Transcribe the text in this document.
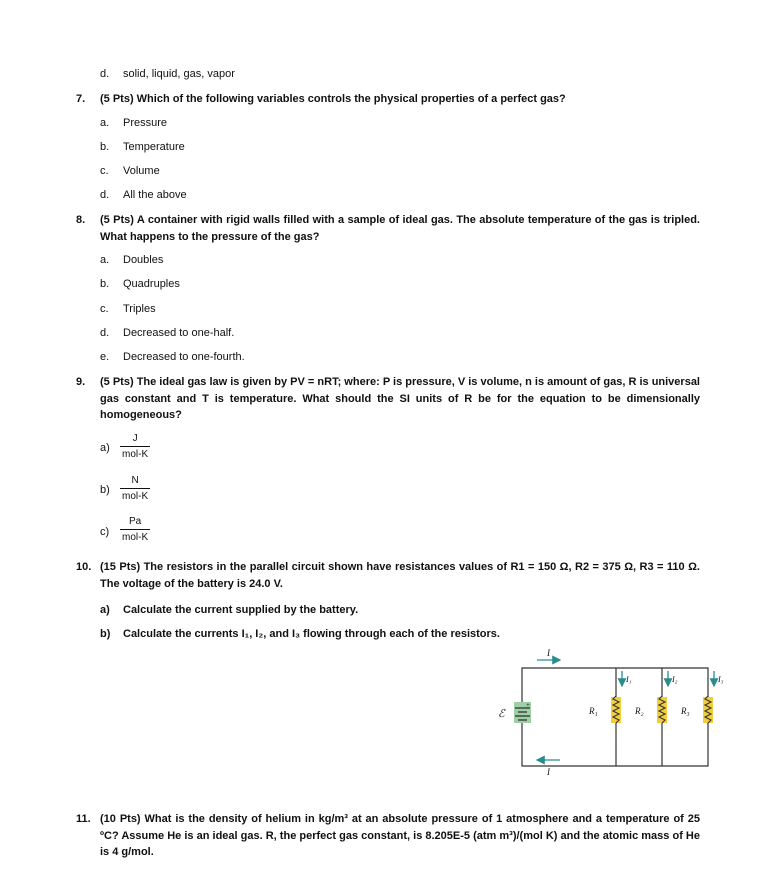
d. solid, liquid, gas, vapor
7. (5 Pts) Which of the following variables controls the physical properties of a perfect gas?
a. Pressure
b. Temperature
c. Volume
d. All the above
8. (5 Pts) A container with rigid walls filled with a sample of ideal gas. The absolute temperature of the gas is tripled. What happens to the pressure of the gas?
a. Doubles
b. Quadruples
c. Triples
d. Decreased to one-half.
e. Decreased to one-fourth.
9. (5 Pts) The ideal gas law is given by PV = nRT; where: P is pressure, V is volume, n is amount of gas, R is universal gas constant and T is temperature. What should the SI units of R be for the equation to be dimensionally homogeneous?
a)
J
mol-K
b)
N
mol-K
c)
Pa
mol-K
10. (15 Pts) The resistors in the parallel circuit shown have resistances values of R1 = 150 Ω, R2 = 375 Ω, R3 = 110 Ω. The voltage of the battery is 24.0 V.
a) Calculate the current supplied by the battery.
b) Calculate the currents I₁, I₂, and I₃ flowing through each of the resistors.
+
ℰ	R₁	R₂	R₃
I
I
I₁	I₂	I₃
11. (10 Pts) What is the density of helium in kg/m³ at an absolute pressure of 1 atmosphere and a temperature of 25 ºC? Assume He is an ideal gas. R, the perfect gas constant, is 8.205E-5 (atm m³)/(mol K) and the atomic mass of He is 4 g/mol.
